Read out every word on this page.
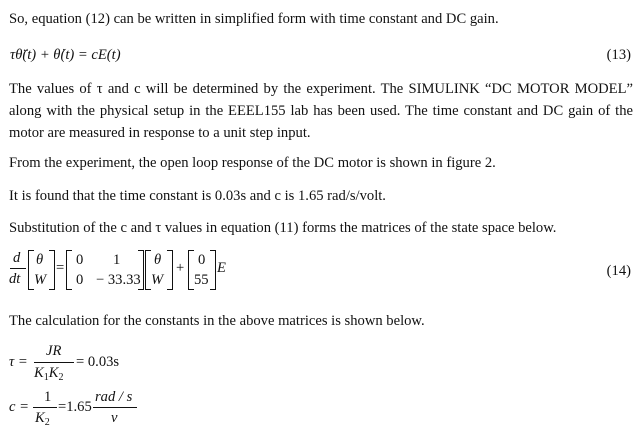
So, equation (12) can be written in simplified form with time constant and DC gain.
τθ̈(t) + θ̇(t) = cE(t)	(13)
The values of τ and c will be determined by the experiment. The SIMULINK “DC MOTOR MODEL” along with the physical setup in the EEEL155 lab has been used. The time constant and DC gain of the motor are measured in response to a unit step input.
From the experiment, the open loop response of the DC motor is shown in figure 2.
It is found that the time constant is 0.03s and c is 1.65 rad/s/volt.
Substitution of the c and τ values in equation (11) forms the matrices of the state space below.
d
dt
θ
W
= 0 1
0 − 33.33
θ
W
+ 0
55
E	(14)
The calculation for the constants in the above matrices is shown below.
τ =
JR
$K_1K_2$
= 0.03s
c =
1
$K_2$
=1.65
rad / s
v
